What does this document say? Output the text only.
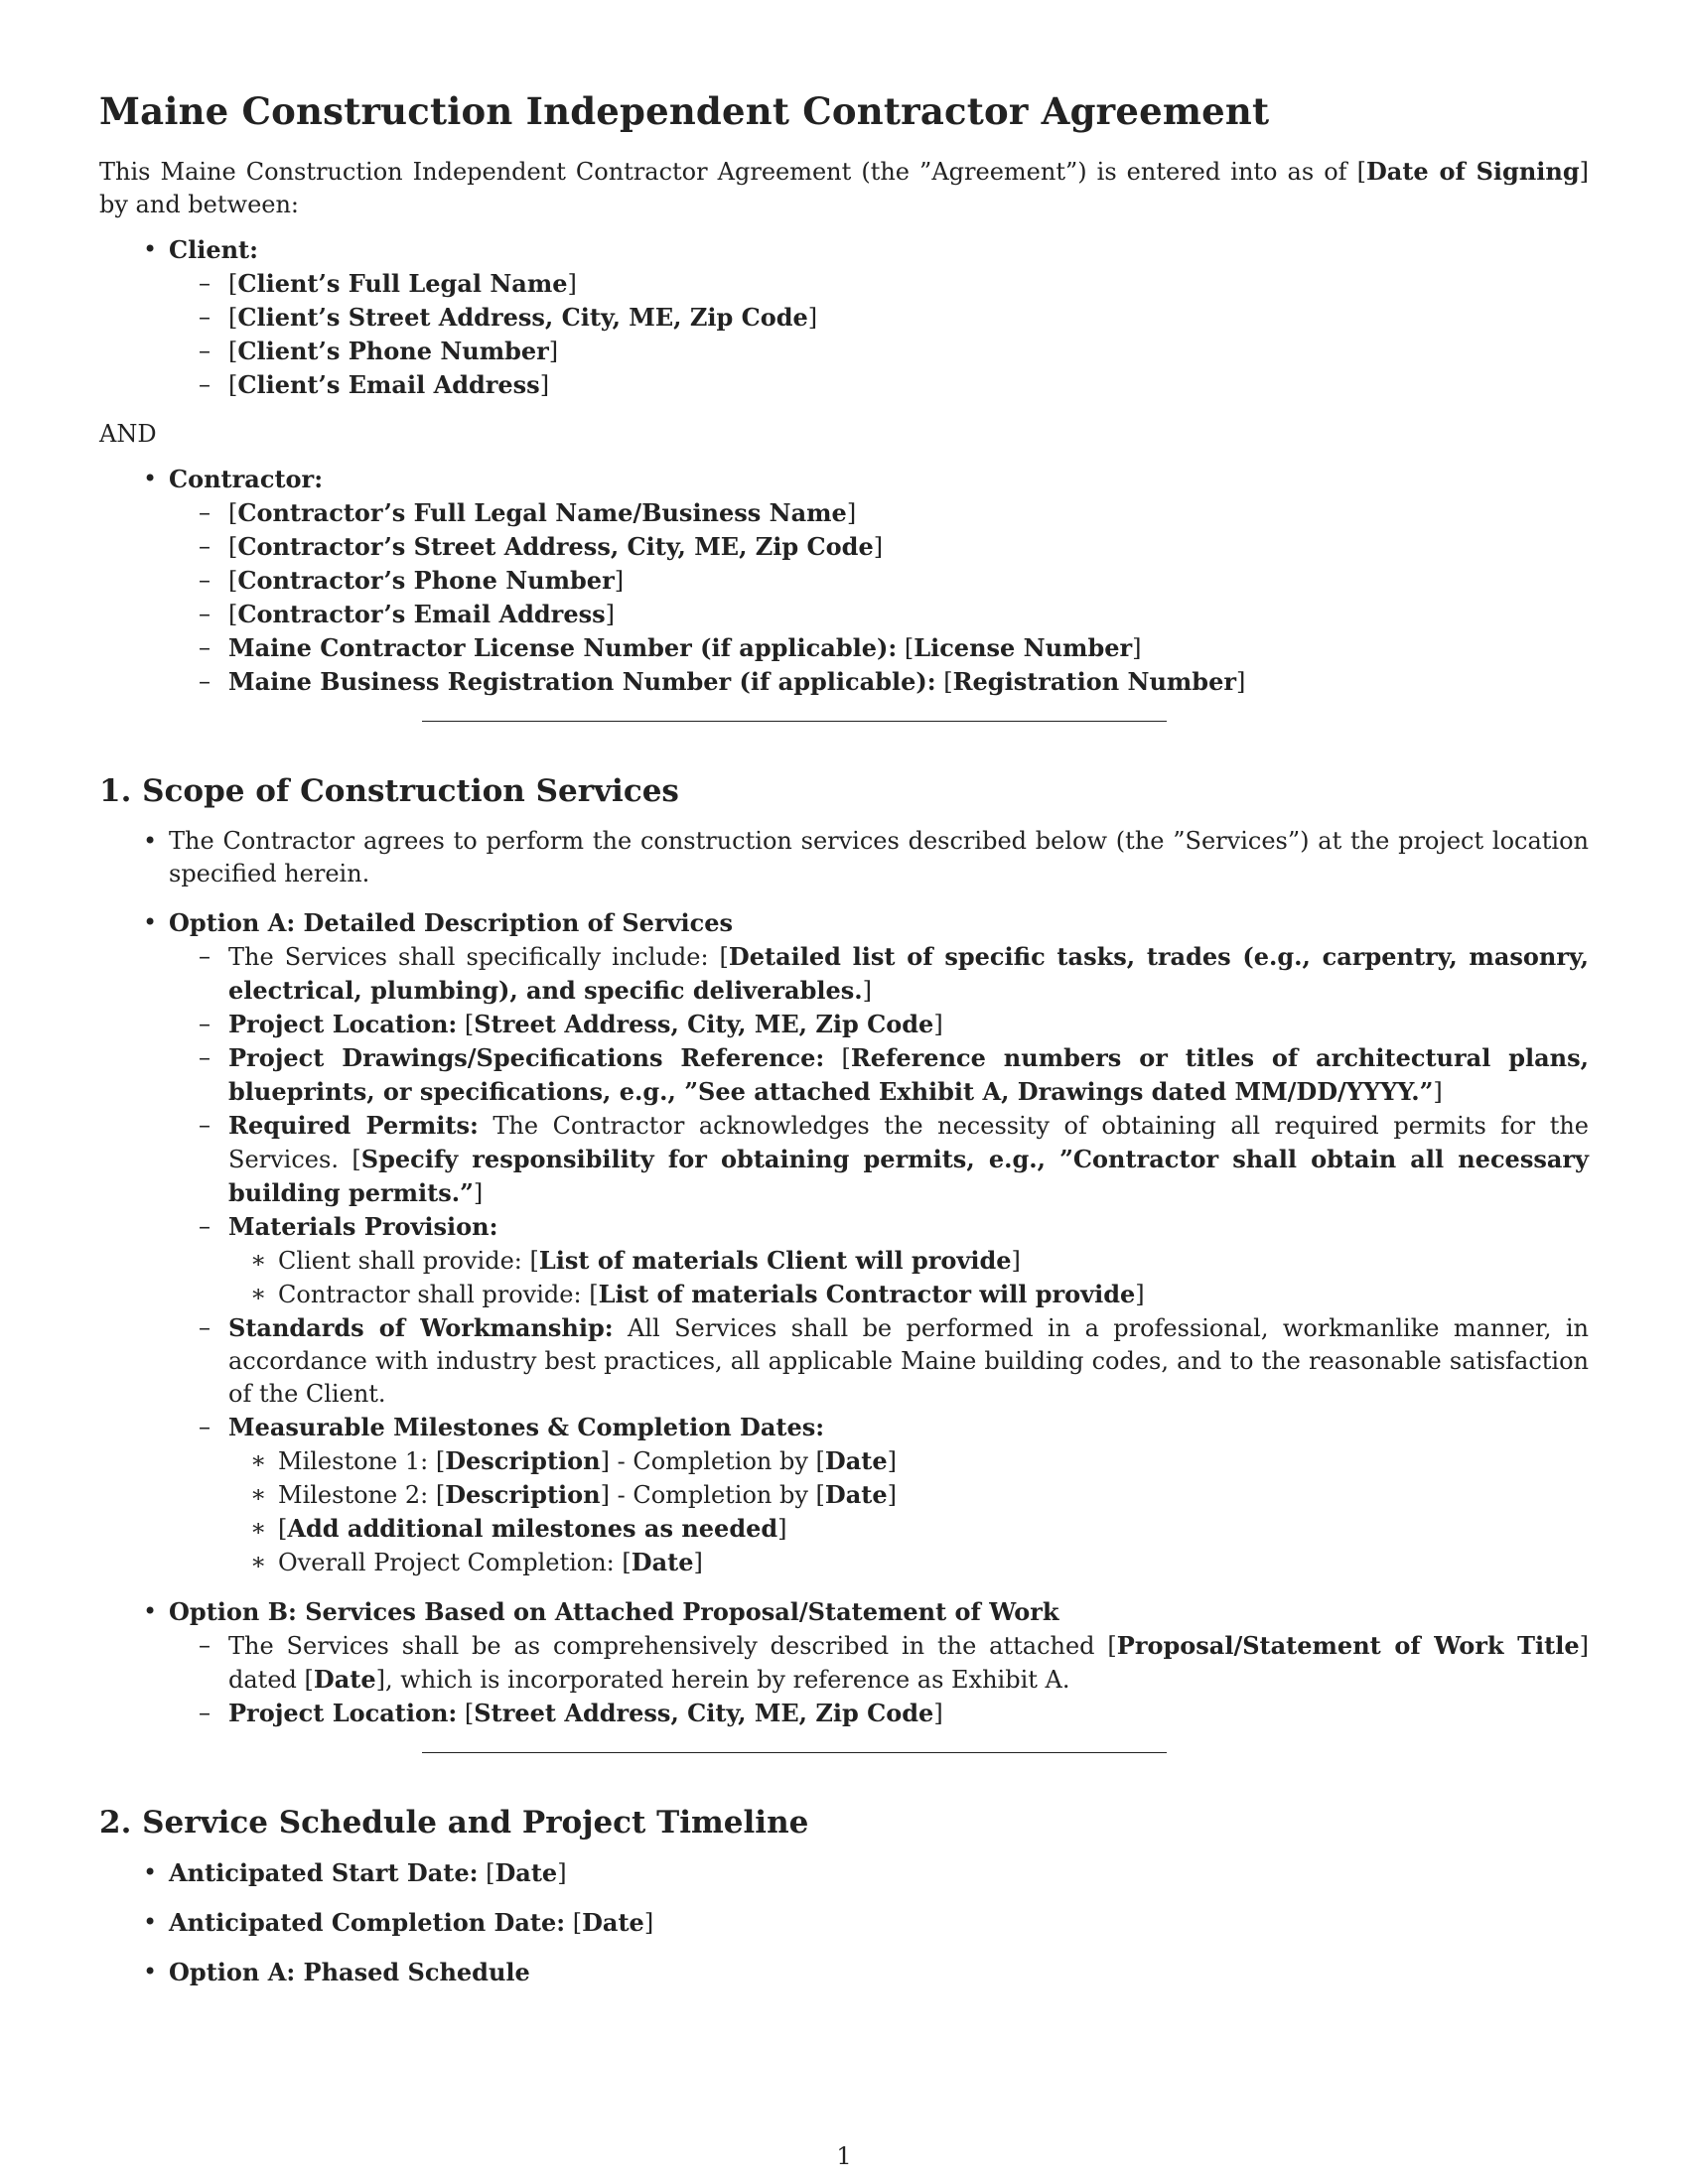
Maine Construction Independent Contractor Agreement

This Maine Construction Independent Contractor Agreement (the ”Agreement”) is entered into as of [Date of Signing] by and between:

• Client:
– [Client’s Full Legal Name]
– [Client’s Street Address, City, ME, Zip Code]
– [Client’s Phone Number]
– [Client’s Email Address]

AND

• Contractor:
– [Contractor’s Full Legal Name/Business Name]
– [Contractor’s Street Address, City, ME, Zip Code]
– [Contractor’s Phone Number]
– [Contractor’s Email Address]
– Maine Contractor License Number (if applicable): [License Number]
– Maine Business Registration Number (if applicable): [Registration Number]
1. Scope of Construction Services
• The Contractor agrees to perform the construction services described below (the ”Services”) at the project location specified herein.
• Option A: Detailed Description of Services
– The Services shall specifically include: [Detailed list of specific tasks, trades (e.g., carpentry, masonry, electrical, plumbing), and specific deliverables.]
– Project Location: [Street Address, City, ME, Zip Code]
– Project Drawings/Specifications Reference: [Reference numbers or titles of architectural plans, blueprints, or specifications, e.g., ”See attached Exhibit A, Drawings dated MM/DD/YYYY.”]
– Required Permits: The Contractor acknowledges the necessity of obtaining all required permits for the Services. [Specify responsibility for obtaining permits, e.g., ”Contractor shall obtain all necessary building permits.”]
– Materials Provision:
∗ Client shall provide: [List of materials Client will provide]
∗ Contractor shall provide: [List of materials Contractor will provide]
– Standards of Workmanship: All Services shall be performed in a professional, workmanlike manner, in accordance with industry best practices, all applicable Maine building codes, and to the reasonable satisfaction of the Client.
– Measurable Milestones & Completion Dates:
∗ Milestone 1: [Description] - Completion by [Date]
∗ Milestone 2: [Description] - Completion by [Date]
∗ [Add additional milestones as needed]
∗ Overall Project Completion: [Date]
• Option B: Services Based on Attached Proposal/Statement of Work
– The Services shall be as comprehensively described in the attached [Proposal/Statement of Work Title] dated [Date], which is incorporated herein by reference as Exhibit A.
– Project Location: [Street Address, City, ME, Zip Code]
2. Service Schedule and Project Timeline
• Anticipated Start Date: [Date]
• Anticipated Completion Date: [Date]
• Option A: Phased Schedule
1
